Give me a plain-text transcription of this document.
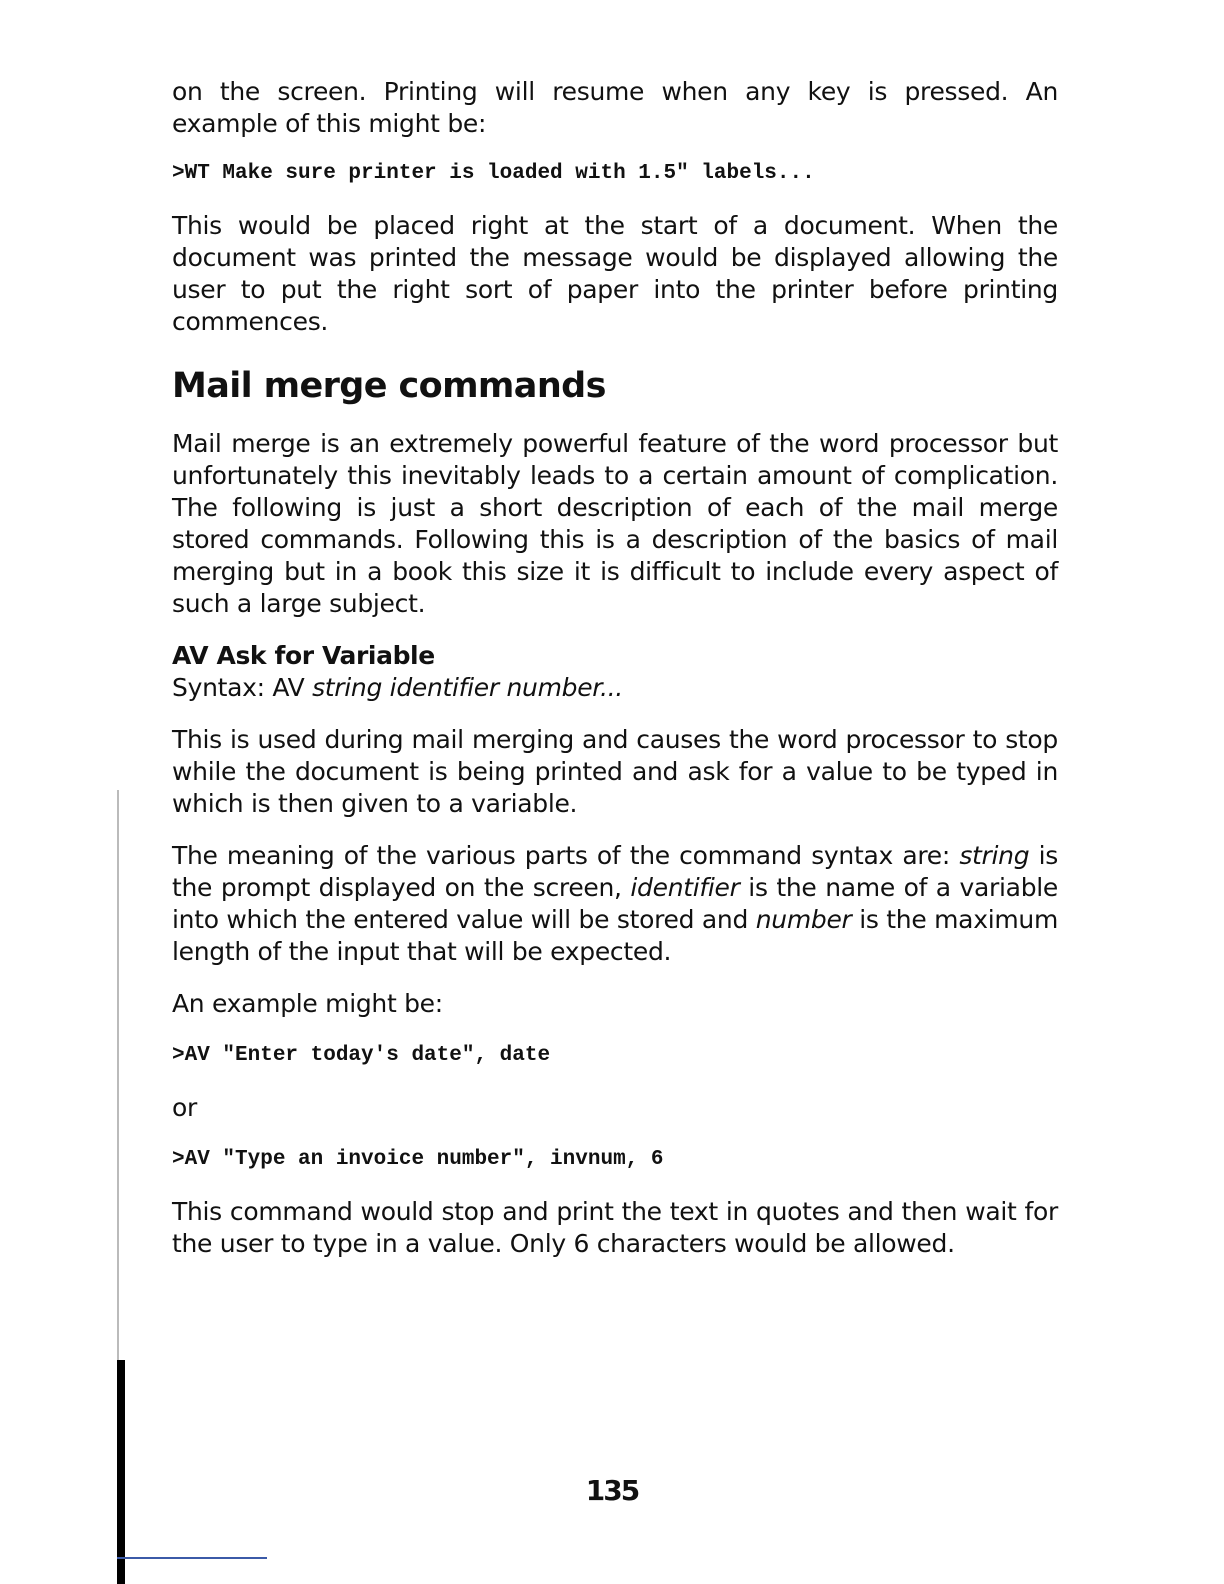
on the screen. Printing will resume when any key is pressed. An example of this might be:

>WT Make sure printer is loaded with 1.5" labels...

This would be placed right at the start of a document. When the document was printed the message would be displayed allowing the user to put the right sort of paper into the printer before printing commences.

Mail merge commands

Mail merge is an extremely powerful feature of the word processor but unfortunately this inevitably leads to a certain amount of complication. The following is just a short description of each of the mail merge stored commands. Following this is a description of the basics of mail merging but in a book this size it is difficult to include every aspect of such a large subject.

AV Ask for Variable

Syntax: AV string identifier number...

This is used during mail merging and causes the word processor to stop while the document is being printed and ask for a value to be typed in which is then given to a variable.

The meaning of the various parts of the command syntax are: string is the prompt displayed on the screen, identifier is the name of a variable into which the entered value will be stored and number is the maximum length of the input that will be expected.

An example might be:

>AV "Enter today's date", date

or

>AV "Type an invoice number", invnum, 6

This command would stop and print the text in quotes and then wait for the user to type in a value. Only 6 characters would be allowed.

135
